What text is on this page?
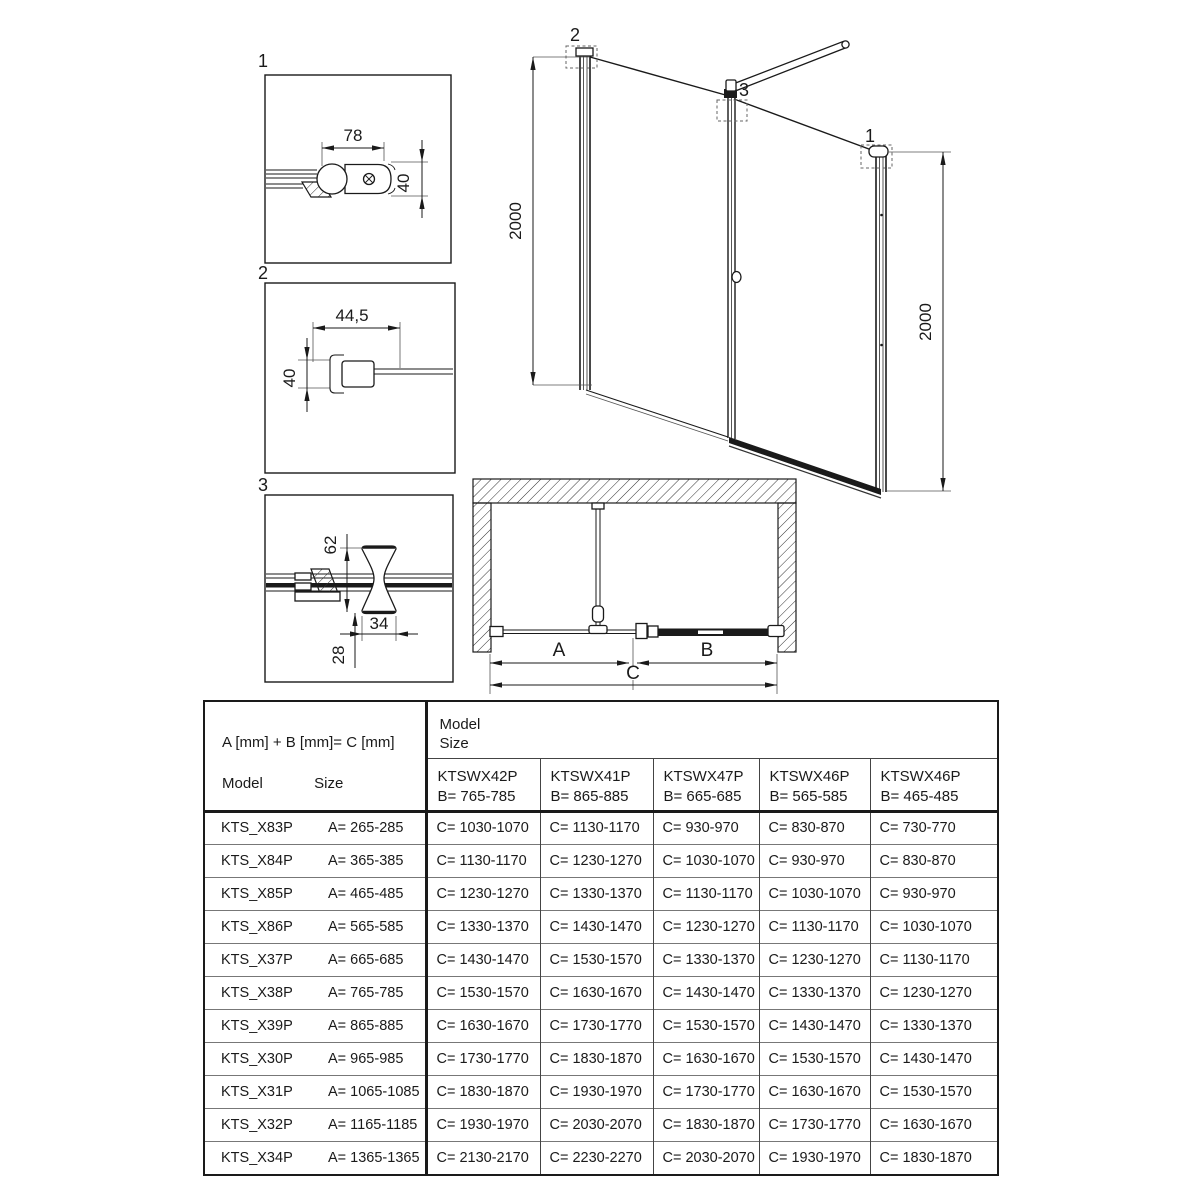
1
78
40
2
44,5
40
3
62
34
28
2
3
1
2000
2000
A	B
C
A [mm] + B [mm]= C [mm]
Model	Size

Model
Size

KTSWX42P
B= 765-785

KTSWX41P
B= 865-885

KTSWX47P
B= 665-685

KTSWX46P
B= 565-585

KTSWX46P
B= 465-485

KTS_X83P A= 265-285	C= 1030-1070	C= 1130-1170	C= 930-970	C= 830-870	C= 730-770
KTS_X84P A= 365-385	C= 1130-1170	C= 1230-1270	C= 1030-1070	C= 930-970	C= 830-870
KTS_X85P A= 465-485	C= 1230-1270	C= 1330-1370	C= 1130-1170	C= 1030-1070	C= 930-970
KTS_X86P A= 565-585	C= 1330-1370	C= 1430-1470	C= 1230-1270	C= 1130-1170	C= 1030-1070
KTS_X37P A= 665-685	C= 1430-1470	C= 1530-1570	C= 1330-1370	C= 1230-1270	C= 1130-1170
KTS_X38P A= 765-785	C= 1530-1570	C= 1630-1670	C= 1430-1470	C= 1330-1370	C= 1230-1270
KTS_X39P A= 865-885	C= 1630-1670	C= 1730-1770	C= 1530-1570	C= 1430-1470	C= 1330-1370
KTS_X30P A= 965-985	C= 1730-1770	C= 1830-1870	C= 1630-1670	C= 1530-1570	C= 1430-1470
KTS_X31P A= 1065-1085	C= 1830-1870	C= 1930-1970	C= 1730-1770	C= 1630-1670	C= 1530-1570
KTS_X32P A= 1165-1185	C= 1930-1970	C= 2030-2070	C= 1830-1870	C= 1730-1770	C= 1630-1670
KTS_X34P A= 1365-1365	C= 2130-2170	C= 2230-2270	C= 2030-2070	C= 1930-1970	C= 1830-1870
